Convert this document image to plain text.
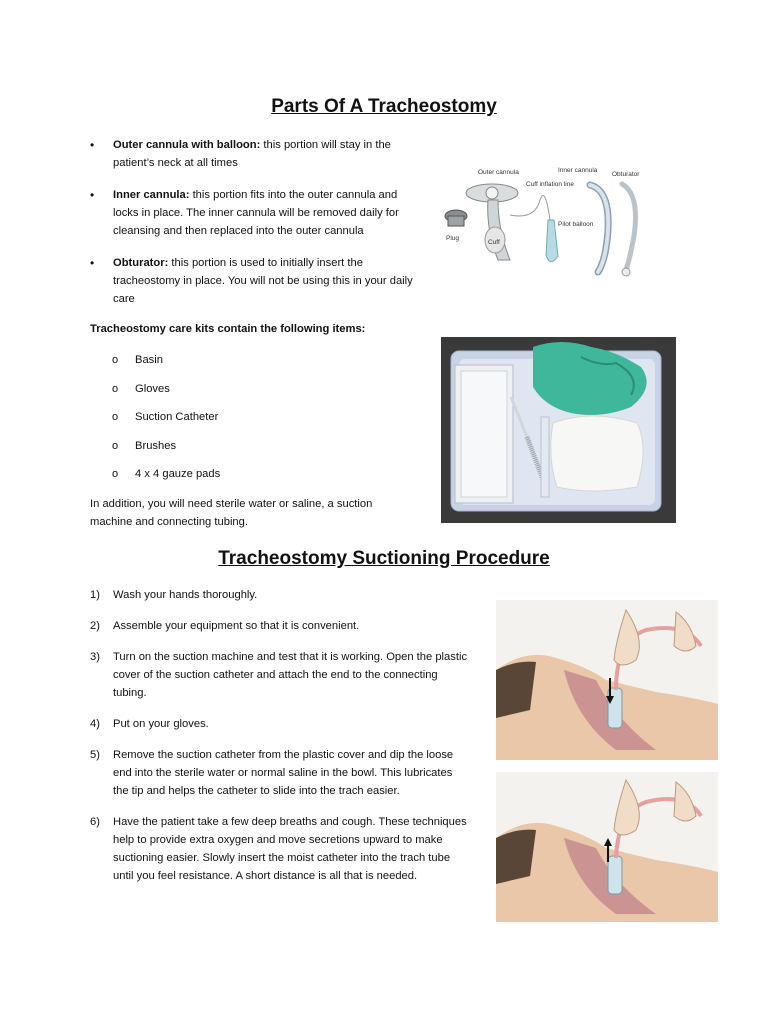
Parts Of A Tracheostomy
• Outer cannula with balloon: this portion will stay in the patient’s neck at all times
• Inner cannula: this portion fits into the outer cannula and locks in place. The inner cannula will be removed daily for cleansing and then replaced into the outer cannula
• Obturator: this portion is used to initially insert the tracheostomy in place. You will not be using this in your daily care
Outer cannula	Inner cannula
Obturator
Cuff inflation line
Pilot balloon
Plug
Cuff
Tracheostomy care kits contain the following items:
o Basin
o Gloves
o Suction Catheter
o Brushes
o 4 x 4 gauze pads
In addition, you will need sterile water or saline, a suction machine and connecting tubing.
Tracheostomy Suctioning Procedure
1) Wash your hands thoroughly.
2) Assemble your equipment so that it is convenient.
3) Turn on the suction machine and test that it is working. Open the plastic cover of the suction catheter and attach the end to the connecting tubing.
4) Put on your gloves.
5) Remove the suction catheter from the plastic cover and dip the loose end into the sterile water or normal saline in the bowl. This lubricates the tip and helps the catheter to slide into the trach easier.
6) Have the patient take a few deep breaths and cough. These techniques help to provide extra oxygen and move secretions upward to make suctioning easier. Slowly insert the moist catheter into the trach tube until you feel resistance. A short distance is all that is needed.
